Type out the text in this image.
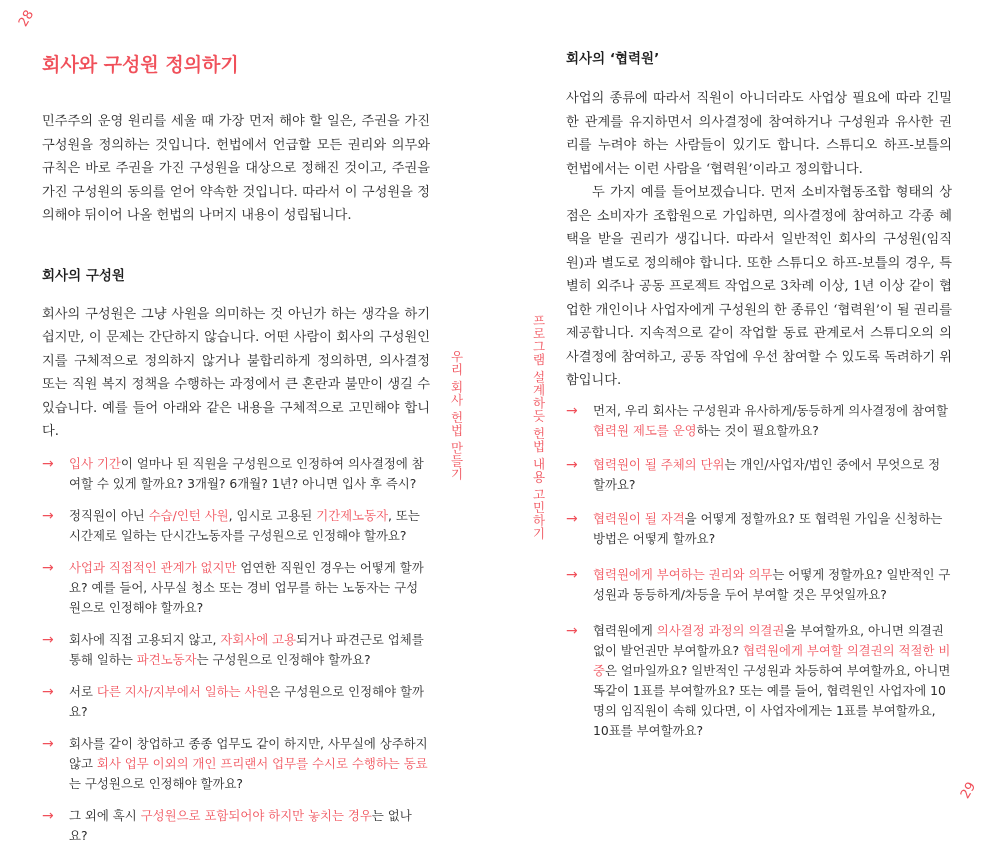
28
29
회사와 구성원 정의하기

민주주의 운영 원리를 세울 때 가장 먼저 해야 할 일은, 주권을 가진 구성원을 정의하는 것입니다. 헌법에서 언급할 모든 권리와 의무와 규칙은 바로 주권을 가진 구성원을 대상으로 정해진 것이고, 주권을 가진 구성원의 동의를 얻어 약속한 것입니다. 따라서 이 구성원을 정의해야 뒤이어 나올 헌법의 나머지 내용이 성립됩니다.

회사의 구성원

회사의 구성원은 그냥 사원을 의미하는 것 아닌가 하는 생각을 하기 쉽지만, 이 문제는 간단하지 않습니다. 어떤 사람이 회사의 구성원인지를 구체적으로 정의하지 않거나 불합리하게 정의하면, 의사결정 또는 직원 복지 정책을 수행하는 과정에서 큰 혼란과 불만이 생길 수 있습니다. 예를 들어 아래와 같은 내용을 구체적으로 고민해야 합니다.

→ 입사 기간이 얼마나 된 직원을 구성원으로 인정하여 의사결정에 참여할 수 있게 할까요? 3개월? 6개월? 1년? 아니면 입사 후 즉시?
→ 정직원이 아닌 수습/인턴 사원, 임시로 고용된 기간제노동자, 또는 시간제로 일하는 단시간노동자를 구성원으로 인정해야 할까요?
→ 사업과 직접적인 관계가 없지만 엄연한 직원인 경우는 어떻게 할까요? 예를 들어, 사무실 청소 또는 경비 업무를 하는 노동자는 구성원으로 인정해야 할까요?
→ 회사에 직접 고용되지 않고, 자회사에 고용되거나 파견근로 업체를 통해 일하는 파견노동자는 구성원으로 인정해야 할까요?
→ 서로 다른 지사/지부에서 일하는 사원은 구성원으로 인정해야 할까요?
→ 회사를 같이 창업하고 종종 업무도 같이 하지만, 사무실에 상주하지 않고 회사 업무 이외의 개인 프리랜서 업무를 수시로 수행하는 동료는 구성원으로 인정해야 할까요?
→ 그 외에 혹시 구성원으로 포함되어야 하지만 놓치는 경우는 없나요?
우리 회사 헌법 만들기	프로그램 설계하듯 헌법 내용 고민하기
회사의 ‘협력원’

사업의 종류에 따라서 직원이 아니더라도 사업상 필요에 따라 긴밀한 관계를 유지하면서 의사결정에 참여하거나 구성원과 유사한 권리를 누려야 하는 사람들이 있기도 합니다. 스튜디오 하프-보틀의 헌법에서는 이런 사람을 ‘협력원’이라고 정의합니다.

두 가지 예를 들어보겠습니다. 먼저 소비자협동조합 형태의 상점은 소비자가 조합원으로 가입하면, 의사결정에 참여하고 각종 혜택을 받을 권리가 생깁니다. 따라서 일반적인 회사의 구성원(임직원)과 별도로 정의해야 합니다. 또한 스튜디오 하프-보틀의 경우, 특별히 외주나 공동 프로젝트 작업으로 3차례 이상, 1년 이상 같이 협업한 개인이나 사업자에게 구성원의 한 종류인 ‘협력원’이 될 권리를 제공합니다. 지속적으로 같이 작업할 동료 관계로서 스튜디오의 의사결정에 참여하고, 공동 작업에 우선 참여할 수 있도록 독려하기 위함입니다.

→ 먼저, 우리 회사는 구성원과 유사하게/동등하게 의사결정에 참여할 협력원 제도를 운영하는 것이 필요할까요?
→ 협력원이 될 주체의 단위는 개인/사업자/법인 중에서 무엇으로 정할까요?
→ 협력원이 될 자격을 어떻게 정할까요? 또 협력원 가입을 신청하는 방법은 어떻게 할까요?
→ 협력원에게 부여하는 권리와 의무는 어떻게 정할까요? 일반적인 구성원과 동등하게/차등을 두어 부여할 것은 무엇일까요?
→ 협력원에게 의사결정 과정의 의결권을 부여할까요, 아니면 의결권 없이 발언권만 부여할까요? 협력원에게 부여할 의결권의 적절한 비중은 얼마일까요? 일반적인 구성원과 차등하여 부여할까요, 아니면 똑같이 1표를 부여할까요? 또는 예를 들어, 협력원인 사업자에 10명의 임직원이 속해 있다면, 이 사업자에게는 1표를 부여할까요, 10표를 부여할까요?
